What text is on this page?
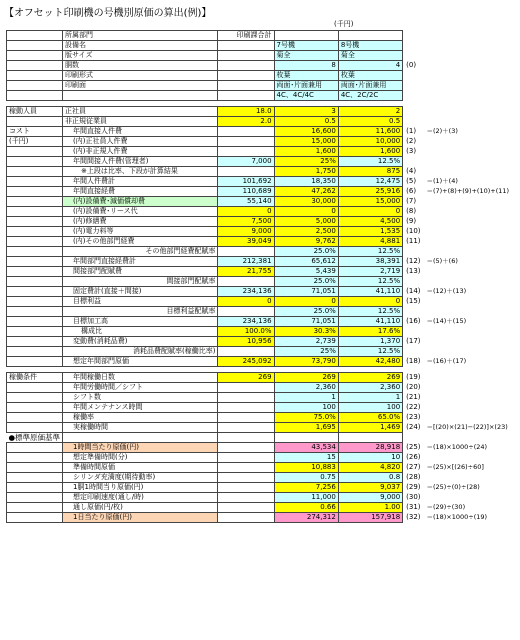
【オフセット印刷機の号機別原価の算出(例)】
(千円)
	所属部門	印刷課合計				
	設備名		7号機	8号機		
	版サイズ		菊全	菊全		
	胴数		8	4	(0)	
	印刷形式		枚葉	枚葉		
	印刷面		両面･片面兼用	両面･片面兼用		
			4C、4C/4C	4C、2C/2C		

稼動人員	正社員	18.0	3	2		
	非正規従業員	2.0	0.5	0.5		
コスト	年間直接人件費		16,600	11,600	(1)	＝(2)＋(3)
(千円)	(内)正社員人件費		15,000	10,000	(2)	
	(内)非正規人件費		1,600	1,600	(3)	
	年間間接人件費(管理者)	7,000	25%	12.5%		
	※上段は比率、下段が計算結果		1,750	875	(4)	
	年間人件費計	101,692	18,350	12,475	(5)	＝(1)＋(4)
	年間直接経費	110,689	47,262	25,916	(6)	＝(7)+(8)+(9)+(10)+(11)
	(内)設備費･減価償却費	55,140	30,000	15,000	(7)	
	(内)設備費･リース代	0	0	0	(8)	
	(内)修繕費	7,500	5,000	4,500	(9)	
	(内)電力料等	9,000	2,500	1,535	(10)	
	(内)その他部門経費	39,049	9,762	4,881	(11)	
	その他部門経費配賦率		25.0%	12.5%		
	年間部門直接経費計	212,381	65,612	38,391	(12)	＝(5)＋(6)
	間接部門配賦費	21,755	5,439	2,719	(13)	
	間接部門配賦率		25.0%	12.5%		
	固定費計(直接＋間接)	234,136	71,051	41,110	(14)	＝(12)＋(13)
	目標利益	0	0	0	(15)	
	目標利益配賦率		25.0%	12.5%		
	目標加工高	234,136	71,051	41,110	(16)	＝(14)＋(15)
	構成比	100.0%	30.3%	17.6%		
	変動費(消耗品費)	10,956	2,739	1,370	(17)	
	消耗品費配賦率(稼働比率)		25%	12.5%		
	想定年間部門原価	245,092	73,790	42,480	(18)	＝(16)＋(17)

稼働条件	年間稼働日数	269	269	269	(19)	
	年間労働時間／シフト		2,360	2,360	(20)	
	シフト数		1	1	(21)	
	年間メンテナンス時間		100	100	(22)	
	稼働率		75.0%	65.0%	(23)	
	実稼働時間		1,695	1,469	(24)	＝[(20)×(21)−(22)]×(23)
●標準原価基準						
	1時間当たり原価(円)		43,534	28,918	(25)	＝(18)×1000÷(24)
	想定準備時間(分)		15	10	(26)	
	準備時間原価		10,883	4,820	(27)	＝(25)×[(26)÷60]
	シリンダ充満度(期待動率)		0.75	0.8	(28)	
	1胴1時間当り原価(円)		7,256	9,037	(29)	＝(25)÷(0)÷(28)
	想定印刷速度(通し/時)		11,000	9,000	(30)	
	通し原価(円/枚)		0.66	1.00	(31)	＝(29)÷(30)
	1日当たり原価(円)		274,312	157,918	(32)	＝(18)×1000÷(19)
